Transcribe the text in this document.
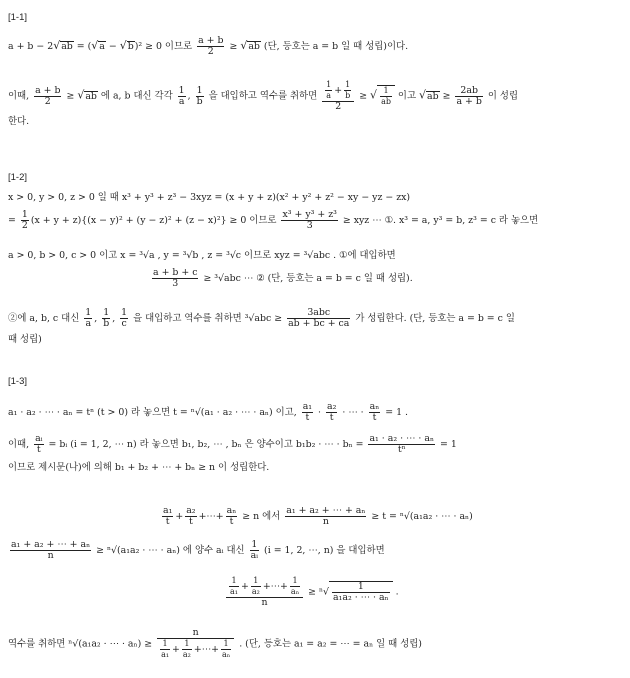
[1-1]
a + b − 2√ab = (√a − √b)² ≥ 0 이므로 $\frac{a + b}{2} \ge √ab$ (단, 등호는 a = b 일 때 성립)이다.
이때, $\frac{a + b}{2} \ge √ab$ 에 a, b 대신 각각 $\frac{1}{a}$ , $\frac{1}{b}$ 을 대입하고 역수를 취하면 $\frac{\frac{1}{a} + \frac{1}{b}}{2}$ ≥ √ $\frac{1}{ab}$ 이고 $√ab \ge \frac{2ab}{a + b}$ 이 성립
한다.
[1-2]
x > 0, y > 0, z > 0 일 때 x³ + y³ + z³ − 3xyz = (x + y + z)(x² + y² + z² − xy − yz − zx)
= $\frac{1}{2} (x + y + z)\{(x - y)^2 + (y - z)^2 + (z - x)^2\} \ge 0$ 이므로 $\frac{\text{x³ + y³ + z³}}{3}$ ≥ xyz ⋯ ①. x³ = a, y³ = b, z³ = c 라 놓으면
a > 0, b > 0, c > 0 이고 x = ³√a , y = ³√b , z = ³√c 이므로 xyz = ³√abc . ①에 대입하면
$\frac{a + b + c}{3} \ge ^3√abc$ ⋯ ② (단, 등호는 a = b = c 일 때 성립).
②에 a, b, c 대신 $\frac{1}{a}$ , $\frac{1}{b}$ , $\frac{1}{c}$ 을 대입하고 역수를 취하면 $^3√abc \ge \frac{\text{3abc}}{ab + bc + ca}$ 가 성립한다. (단, 등호는 a = b = c 일
때 성립)
[1-3]
a₁ · a₂ · ⋯ · aₙ = tⁿ (t > 0) 라 놓으면 t = ⁿ√(a₁ · a₂ · ⋯ · aₙ) 이고, $\frac{\text{a₁}}{t} \cdot \frac{\text{a₂}}{t}$ · ⋯ · $\frac{\text{aₙ}}{t} = 1$ .
이때, $\frac{\text{aᵢ}}{t}$ = bᵢ (i = 1, 2, ⋯ n) 라 놓으면 b₁, b₂, ⋯ , bₙ 은 양수이고 b₁b₂ · ⋯ · $b_n = \frac{\text{a₁ · a₂ · ⋯ · aₙ}}{\text{tⁿ}} = 1$
이므로 제시문(나)에 의해 b₁ + b₂ + ⋯ + bₙ ≥ n 이 성립한다.
$\frac{\text{a₁}}{t} + \frac{\text{a₂}}{t}$ +⋯+ $\frac{\text{aₙ}}{t} \ge n$ 에서 $\frac{\text{a₁ + a₂ + ⋯ + aₙ}}{n} \ge t = ^n√(a_1a_2$ · ⋯ · aₙ)
$\frac{\text{a₁ + a₂ + ⋯ + aₙ}}{n} \ge ^n√(a_1a_2$ · ⋯ · aₙ) 에 양수 aᵢ 대신 $\frac{1}{\text{aᵢ}} (i = 1$, 2, ⋯, n) 을 대입하면
$\frac{\frac{1}{\text{a₁}} + \frac{1}{\text{a₂}} +\cdots+ \frac{1}{\text{aₙ}}}{n} \ge ^n√ \frac{1}{\text{a₁a₂ · ⋯ · aₙ}}$ .
역수를 취하면 ⁿ√(a₁a₂ · ⋯ · $a_n) \ge \frac{n}{\frac{1}{\text{a₁}} + \frac{1}{\text{a₂}} +\cdots+ \frac{1}{\text{aₙ}}}$ . (단, 등호는 a₁ = a₂ = ⋯ = aₙ 일 때 성립)
